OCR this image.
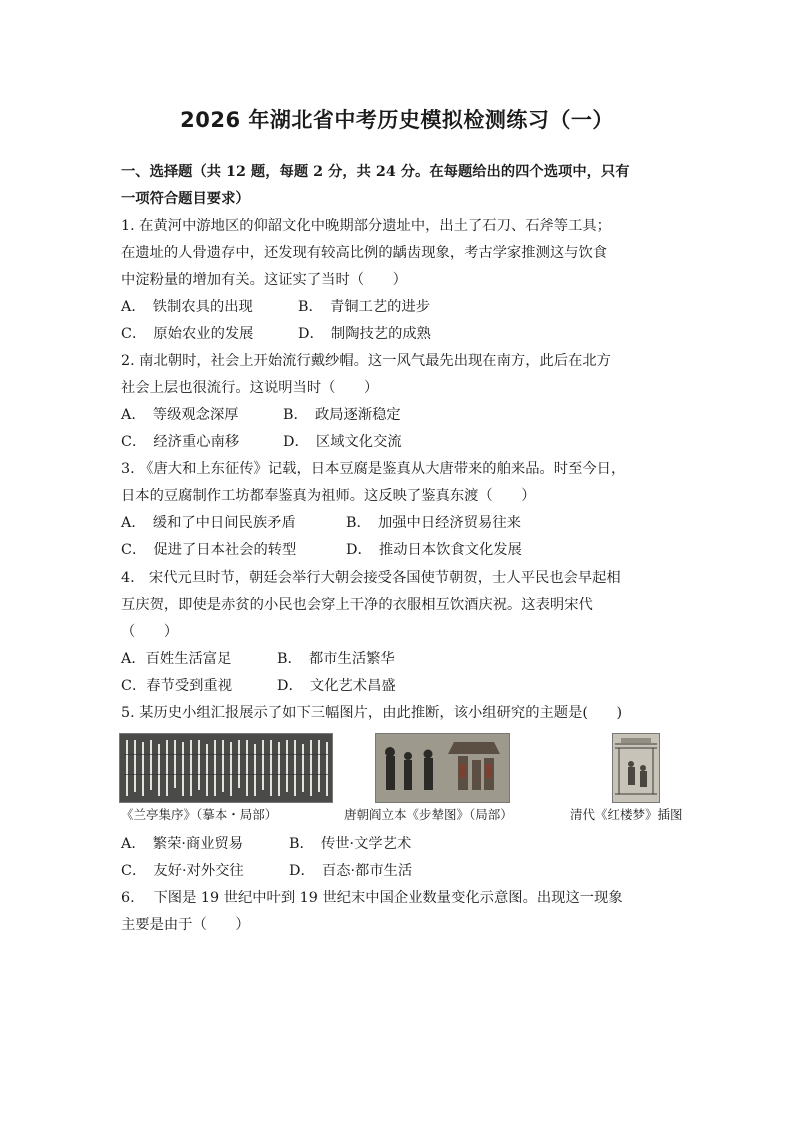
2026 年湖北省中考历史模拟检测练习（一）
一、选择题（共 12 题，每题 2 分，共 24 分。在每题给出的四个选项中，只有
一项符合题目要求）
1. 在黄河中游地区的仰韶文化中晚期部分遗址中，出土了石刀、石斧等工具；
在遗址的人骨遗存中，还发现有较高比例的龋齿现象，考古学家推测这与饮食
中淀粉量的增加有关。这证实了当时（　　）
A．　铁制农具的出现	B．　青铜工艺的进步
C．　原始农业的发展	D．　制陶技艺的成熟
2. 南北朝时，社会上开始流行戴纱帽。这一风气最先出现在南方，此后在北方
社会上层也很流行。这说明当时（　　）
A．　等级观念深厚	B．　政局逐渐稳定
C．　经济重心南移	D．　区域文化交流
3. 《唐大和上东征传》记载，日本豆腐是鉴真从大唐带来的舶来品。时至今日，
日本的豆腐制作工坊都奉鉴真为祖师。这反映了鉴真东渡（　　）
A．　缓和了中日间民族矛盾	B．　加强中日经济贸易往来
C．　促进了日本社会的转型	D．　推动日本饮食文化发展
4.　宋代元旦时节，朝廷会举行大朝会接受各国使节朝贺，士人平民也会早起相
互庆贺，即使是赤贫的小民也会穿上干净的衣服相互饮酒庆祝。这表明宋代
（　　）
A．百姓生活富足	B．　都市生活繁华
C．春节受到重视	D．　文化艺术昌盛
5. 某历史小组汇报展示了如下三幅图片，由此推断，该小组研究的主题是(　　)
《兰亭集序》（摹本・局部）	唐朝阎立本《步辇图》（局部）	清代《红楼梦》插图
A．　繁荣·商业贸易	B．　传世·文学艺术
C．　友好·对外交往	D．　百态·都市生活
6.　 下图是 19 世纪中叶到 19 世纪末中国企业数量变化示意图。出现这一现象
主要是由于（　　）
